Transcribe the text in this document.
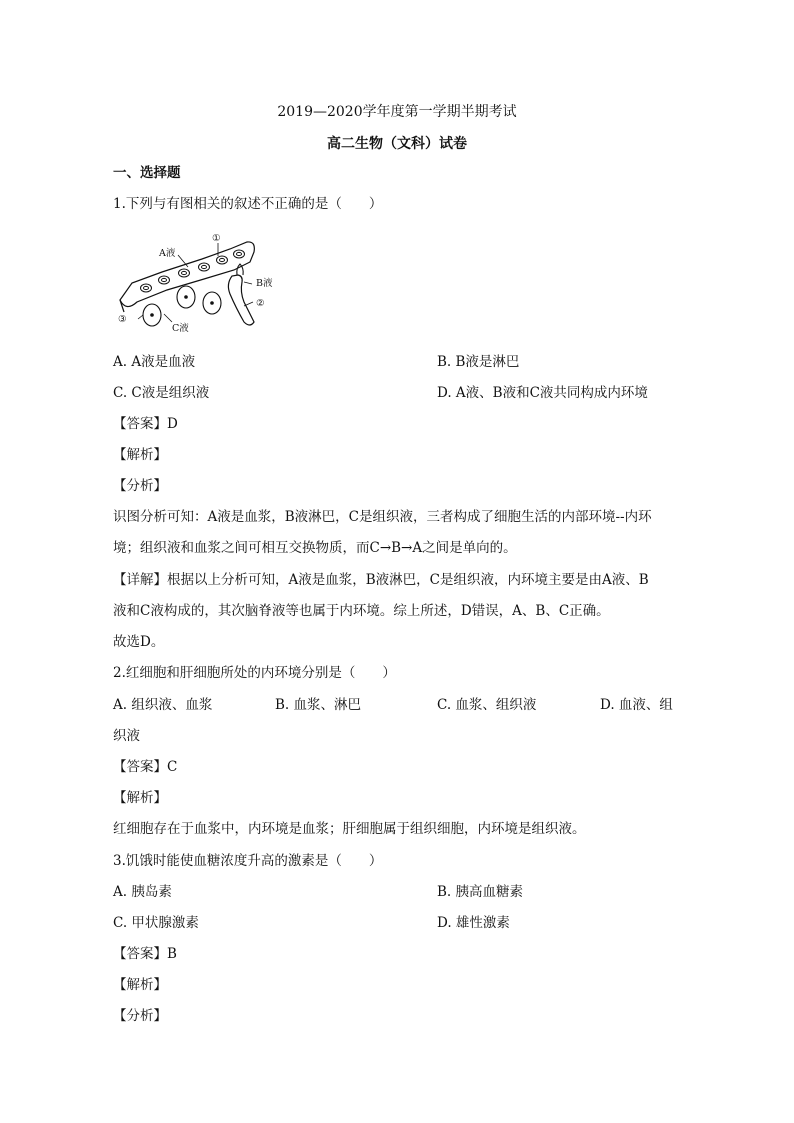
2019—2020学年度第一学期半期考试
高二生物（文科）试卷
一、选择题
1.下列与有图相关的叙述不正确的是（　　）
A液
①
B液
②
③
C液
A. A液是血液	B. B液是淋巴
C. C液是组织液	D. A液、B液和C液共同构成内环境
【答案】D
【解析】
【分析】
识图分析可知：A液是血浆，B液淋巴，C是组织液，三者构成了细胞生活的内部环境--内环
境；组织液和血浆之间可相互交换物质，而C→B→A之间是单向的。
【详解】根据以上分析可知，A液是血浆，B液淋巴，C是组织液，内环境主要是由A液、B
液和C液构成的，其次脑脊液等也属于内环境。综上所述，D错误，A、B、C正确。
故选D。
2.红细胞和肝细胞所处的内环境分别是（　　）
A. 组织液、血浆	B. 血浆、淋巴	C. 血浆、组织液	D. 血液、组
织液
【答案】C
【解析】
红细胞存在于血浆中，内环境是血浆；肝细胞属于组织细胞，内环境是组织液。
3.饥饿时能使血糖浓度升高的激素是（　　）
A. 胰岛素	B. 胰高血糖素
C. 甲状腺激素	D. 雄性激素
【答案】B
【解析】
【分析】
